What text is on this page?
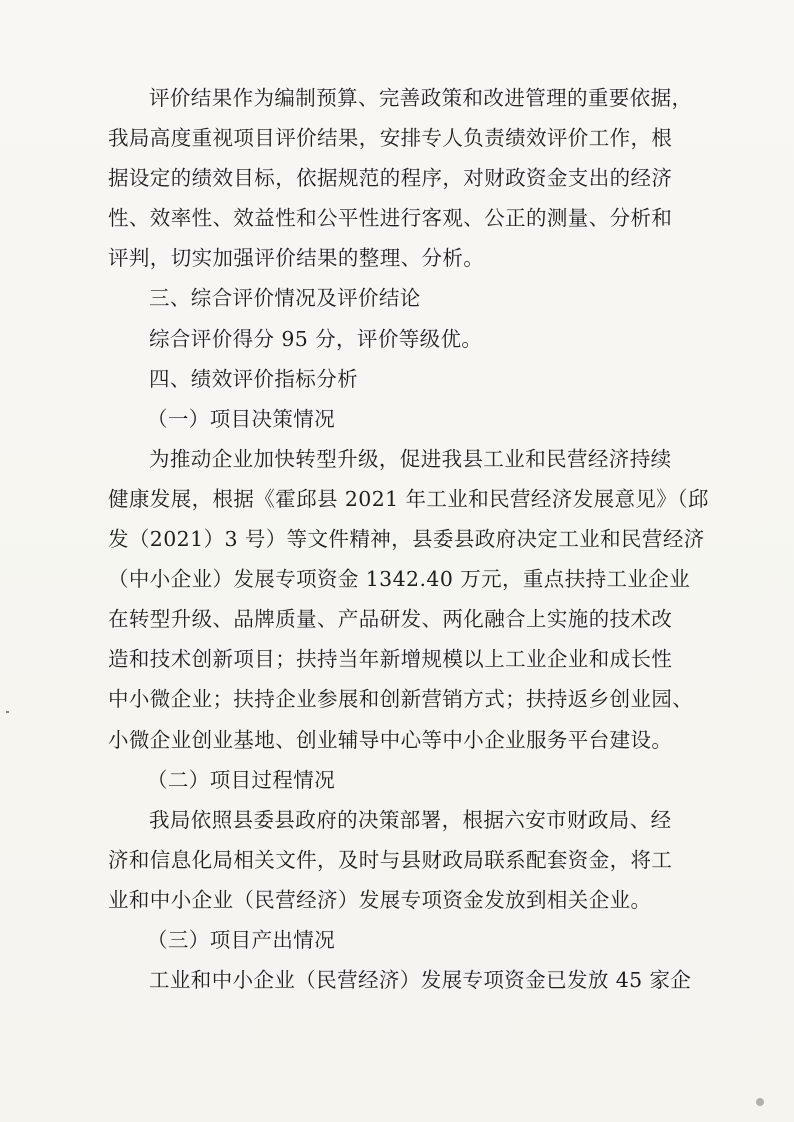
评价结果作为编制预算、完善政策和改进管理的重要依据，
我局高度重视项目评价结果，安排专人负责绩效评价工作，根
据设定的绩效目标，依据规范的程序，对财政资金支出的经济
性、效率性、效益性和公平性进行客观、公正的测量、分析和
评判，切实加强评价结果的整理、分析。
三、综合评价情况及评价结论
综合评价得分 95 分，评价等级优。
四、绩效评价指标分析
（一）项目决策情况
为推动企业加快转型升级，促进我县工业和民营经济持续
健康发展，根据《霍邱县 2021 年工业和民营经济发展意见》（邱
发（2021）3 号）等文件精神，县委县政府决定工业和民营经济
（中小企业）发展专项资金 1342.40 万元，重点扶持工业企业
在转型升级、品牌质量、产品研发、两化融合上实施的技术改
造和技术创新项目；扶持当年新增规模以上工业企业和成长性
中小微企业；扶持企业参展和创新营销方式；扶持返乡创业园、
小微企业创业基地、创业辅导中心等中小企业服务平台建设。
（二）项目过程情况
我局依照县委县政府的决策部署，根据六安市财政局、经
济和信息化局相关文件，及时与县财政局联系配套资金，将工
业和中小企业（民营经济）发展专项资金发放到相关企业。
（三）项目产出情况
工业和中小企业（民营经济）发展专项资金已发放 45 家企
